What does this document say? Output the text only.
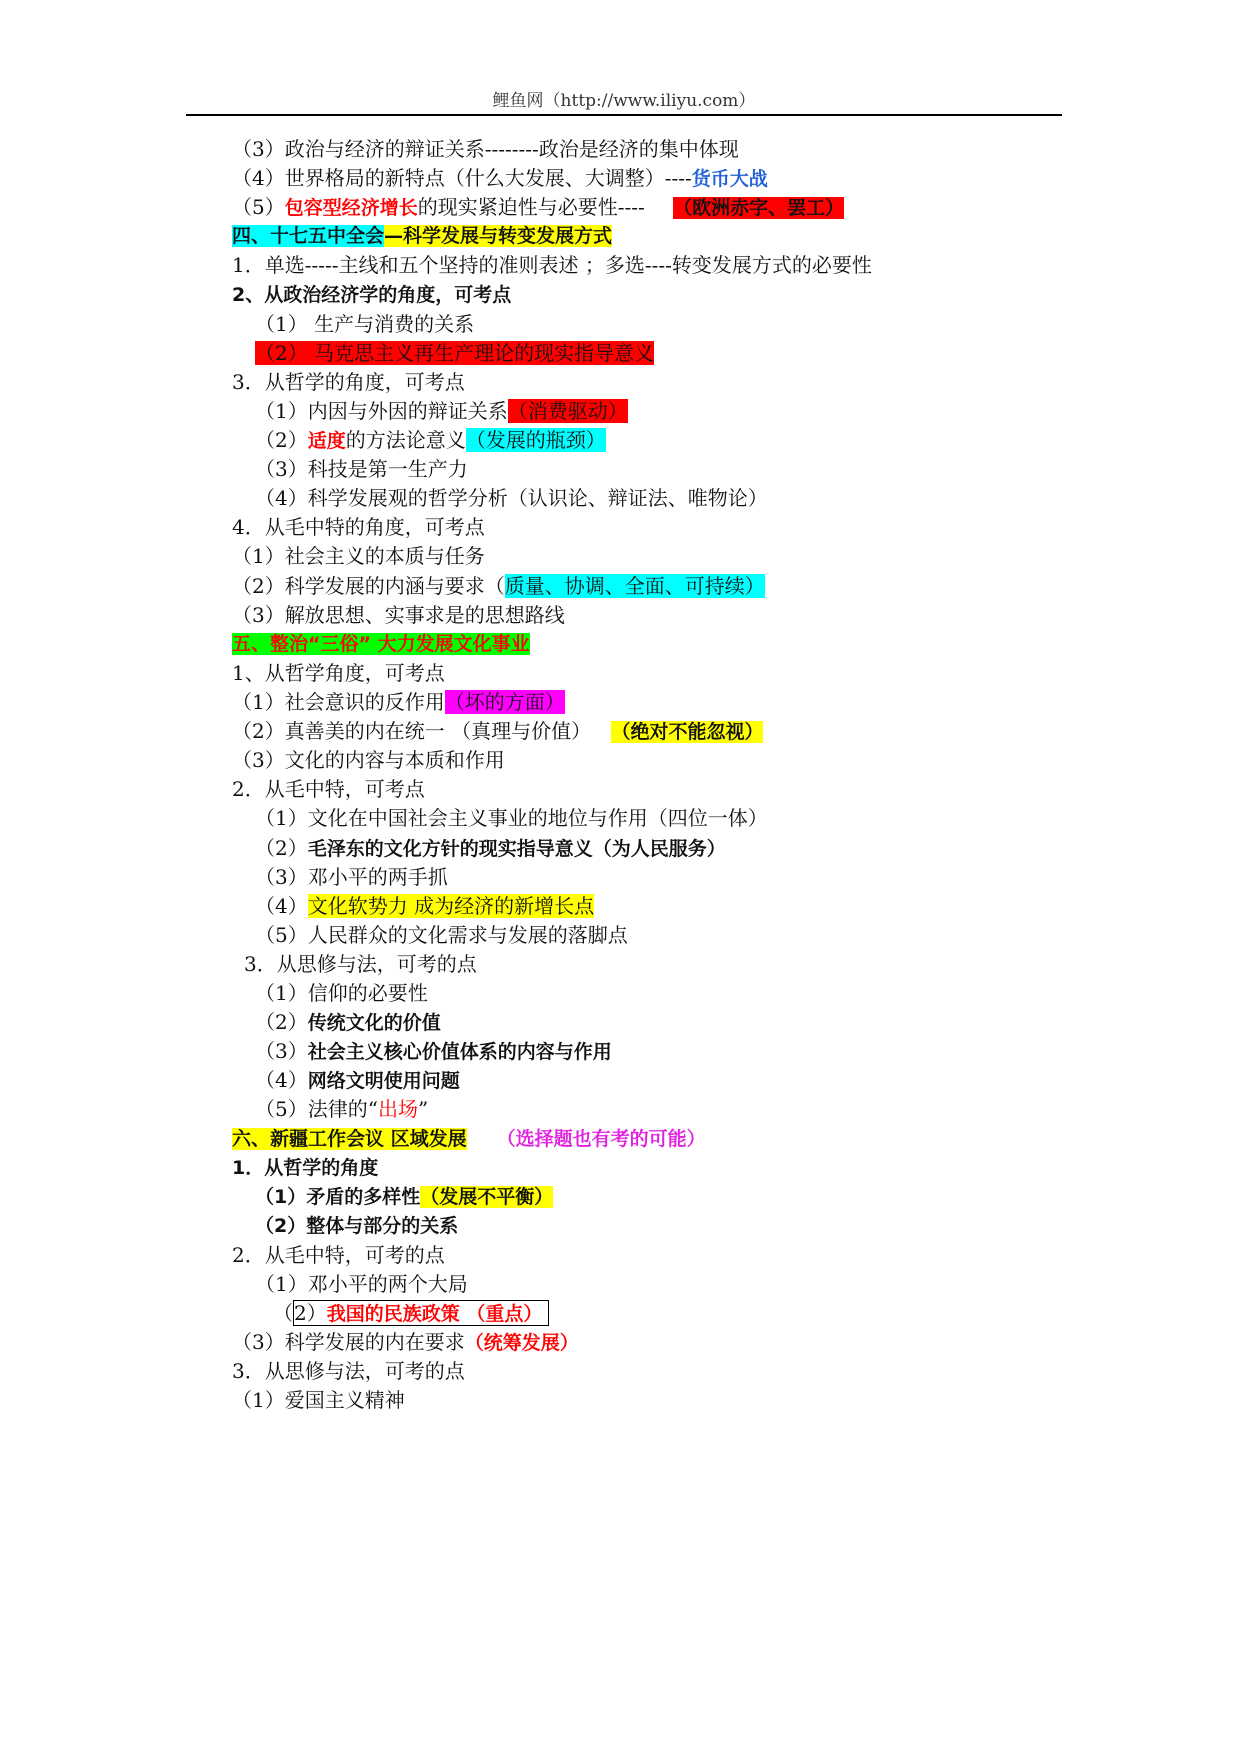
鲤鱼网（http://www.iliyu.com）
（3）政治与经济的辩证关系--------政治是经济的集中体现
（4）世界格局的新特点（什么大发展、大调整）----货币大战
（5）包容型经济增长的现实紧迫性与必要性---- （欧洲赤字、罢工）
四、十七五中全会—科学发展与转变发展方式
1．单选-----主线和五个坚持的准则表述 ；多选----转变发展方式的必要性
2、从政治经济学的角度，可考点
（1） 生产与消费的关系
（2） 马克思主义再生产理论的现实指导意义
3．从哲学的角度，可考点
（1）内因与外因的辩证关系（消费驱动）
（2）适度的方法论意义（发展的瓶颈）
（3）科技是第一生产力
（4）科学发展观的哲学分析（认识论、辩证法、唯物论）
4．从毛中特的角度，可考点
（1）社会主义的本质与任务
（2）科学发展的内涵与要求（质量、协调、全面、可持续）
（3）解放思想、实事求是的思想路线
五、整治“三俗” 大力发展文化事业
1、从哲学角度，可考点
（1）社会意识的反作用（坏的方面）
（2）真善美的内在统一 （真理与价值） （绝对不能忽视）
（3）文化的内容与本质和作用
2．从毛中特，可考点
（1）文化在中国社会主义事业的地位与作用（四位一体）
（2）毛泽东的文化方针的现实指导意义（为人民服务）
（3）邓小平的两手抓
（4）文化软势力 成为经济的新增长点
（5）人民群众的文化需求与发展的落脚点
3．从思修与法，可考的点
（1）信仰的必要性
（2）传统文化的价值
（3）社会主义核心价值体系的内容与作用
（4）网络文明使用问题
（5）法律的“出场”
六、新疆工作会议 区域发展 （选择题也有考的可能）
1．从哲学的角度
（1）矛盾的多样性（发展不平衡）
（2）整体与部分的关系
2．从毛中特，可考的点
（1）邓小平的两个大局
（2）我国的民族政策 （重点）
（3）科学发展的内在要求（统筹发展）
3．从思修与法，可考的点
（1）爱国主义精神
